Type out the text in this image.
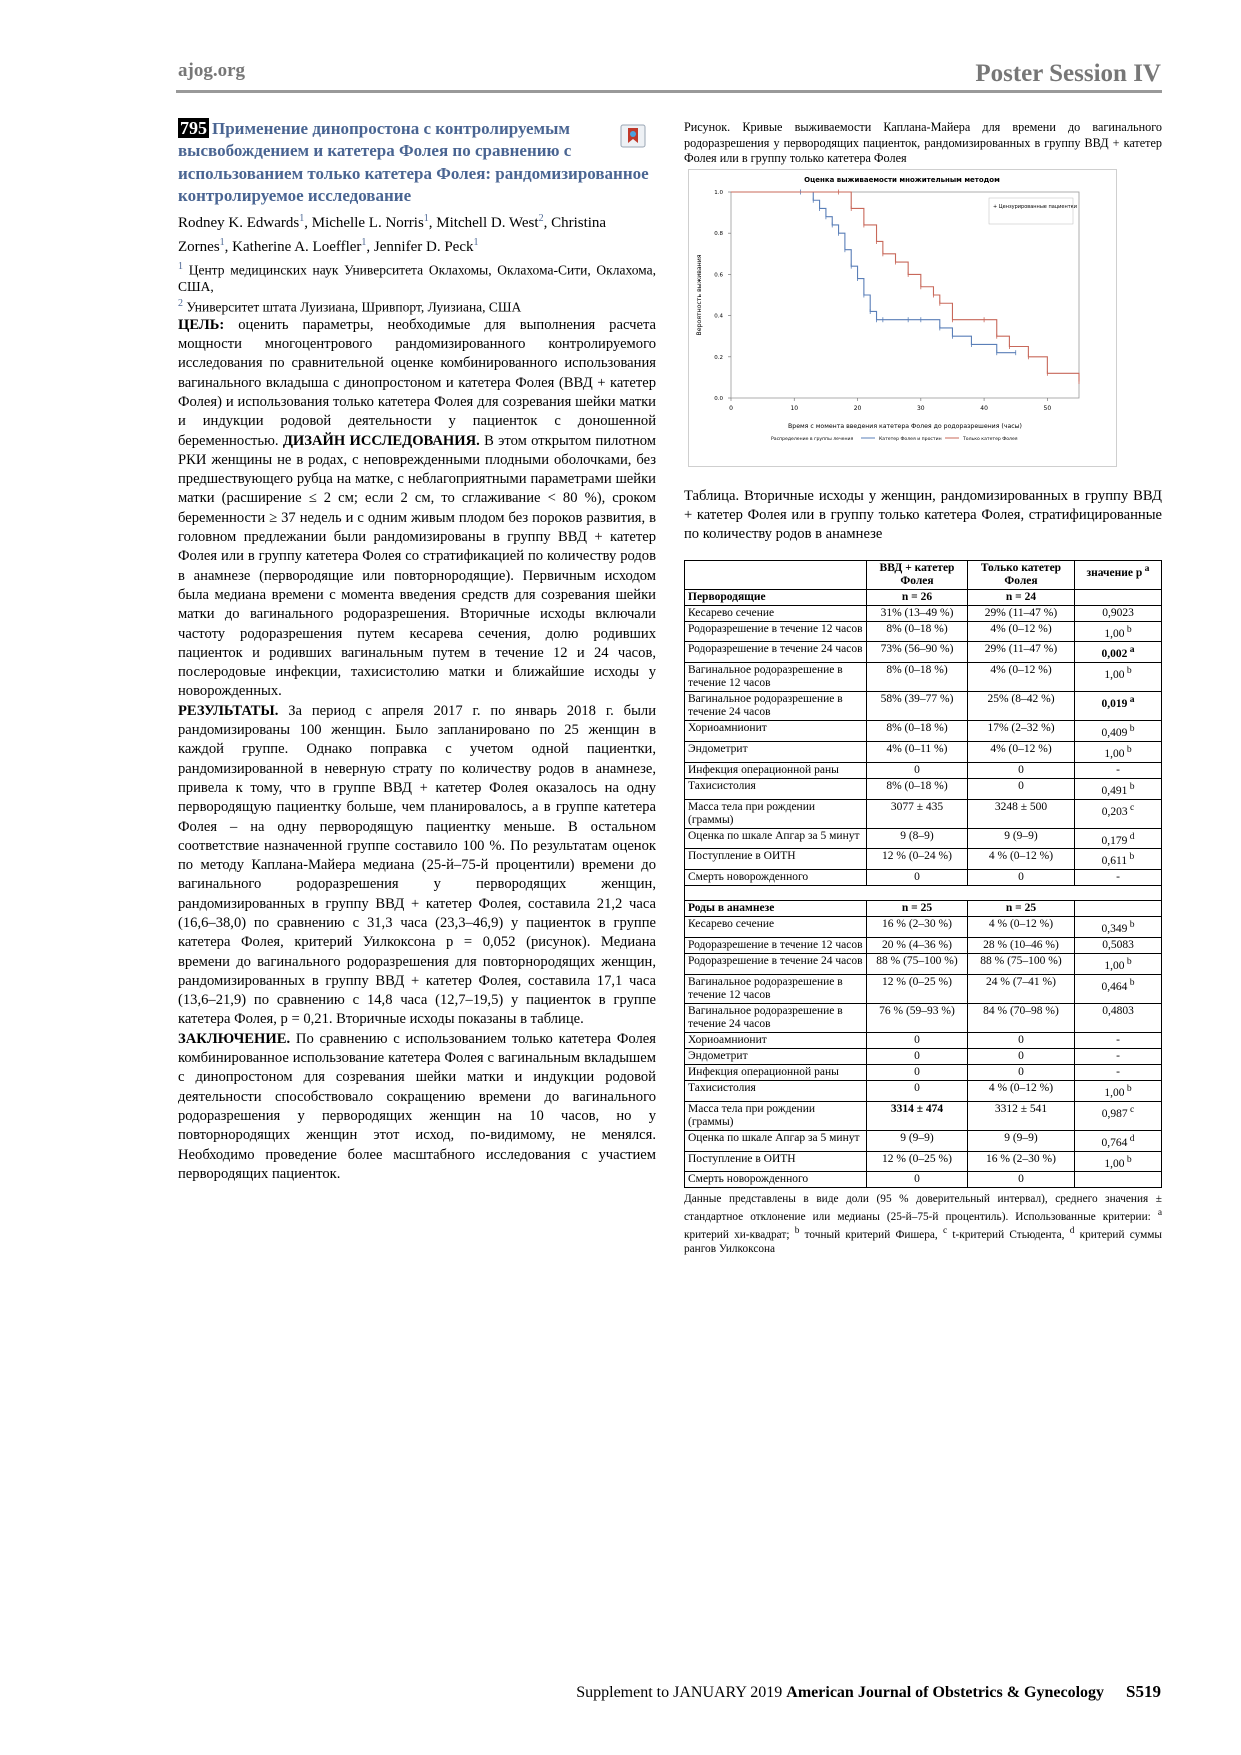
ajog.org	Poster Session IV
795 Применение динопростона с контролируемым высвобождением и катетера Фолея по сравнению с использованием только катетера Фолея: рандомизированное контролируемое исследование
Rodney K. Edwards$^1$, Michelle L. Norris$^1$, Mitchell D. West$^2$, Christina Zornes$^1$, Katherine A. Loeffler$^1$, Jennifer D. Peck$^1$
$^1$ Центр медицинских наук Университета Оклахомы, Оклахома-Сити, Оклахома, США,
$^2$ Университет штата Луизиана, Шривпорт, Луизиана, США

ЦЕЛЬ: оценить параметры, необходимые для выполнения расчета мощности многоцентрового рандомизированного контролируемого исследования по сравнительной оценке комбинированного использования вагинального вкладыша с динопростоном и катетера Фолея (ВВД + катетер Фолея) и использования только катетера Фолея для созревания шейки матки и индукции родовой деятельности у пациенток с доношенной беременностью. ДИЗАЙН ИССЛЕДОВАНИЯ. В этом открытом пилотном РКИ женщины не в родах, с неповрежденными плодными оболочками, без предшествующего рубца на матке, с неблагоприятными параметрами шейки матки (расширение ≤ 2 см; если 2 см, то сглаживание < 80 %), сроком беременности ≥ 37 недель и с одним живым плодом без пороков развития, в головном предлежании были рандомизированы в группу ВВД + катетер Фолея или в группу катетера Фолея со стратификацией по количеству родов в анамнезе (первородящие или повторнородящие). Первичным исходом была медиана времени с момента введения средств для созревания шейки матки до вагинального родоразрешения. Вторичные исходы включали частоту родоразрешения путем кесарева сечения, долю родивших пациенток и родивших вагинальным путем в течение 12 и 24 часов, послеродовые инфекции, тахисистолию матки и ближайшие исходы у новорожденных.

РЕЗУЛЬТАТЫ. За период с апреля 2017 г. по январь 2018 г. были рандомизированы 100 женщин. Было запланировано по 25 женщин в каждой группе. Однако поправка с учетом одной пациентки, рандомизированной в неверную страту по количеству родов в анамнезе, привела к тому, что в группе ВВД + катетер Фолея оказалось на одну первородящую пациентку больше, чем планировалось, а в группе катетера Фолея – на одну первородящую пациентку меньше. В остальном соответствие назначенной группе составило 100 %. По результатам оценок по методу Каплана-Майера медиана (25-й–75-й процентили) времени до вагинального родоразрешения у первородящих женщин, рандомизированных в группу ВВД + катетер Фолея, составила 21,2 часа (16,6–38,0) по сравнению с 31,3 часа (23,3–46,9) у пациенток в группе катетера Фолея, критерий Уилкоксона p = 0,052 (рисунок). Медиана времени до вагинального родоразрешения для повторнородящих женщин, рандомизированных в группу ВВД + катетер Фолея, составила 17,1 часа (13,6–21,9) по сравнению с 14,8 часа (12,7–19,5) у пациенток в группе катетера Фолея, p = 0,21. Вторичные исходы показаны в таблице.

ЗАКЛЮЧЕНИЕ. По сравнению с использованием только катетера Фолея комбинированное использование катетера Фолея с вагинальным вкладышем с динопростоном для созревания шейки матки и индукции родовой деятельности способствовало сокращению времени до вагинального родоразрешения у первородящих женщин на 10 часов, но у повторнородящих женщин этот исход, по-видимому, не менялся. Необходимо проведение более масштабного исследования с участием первородящих пациенток.

Рисунок. Кривые выживаемости Каплана-Майера для времени до вагинального родоразрешения у первородящих пациенток, рандомизированных в группу ВВД + катетер Фолея или в группу только катетера Фолея

Оценка выживаемости множительным методом
0.0
0.2
0.4
0.6
0.8
1.0
0	10	20	30	40	50
Время с момента введения катетера Фолея до родоразрешения (часы)
Вероятность выживания
+ Цензурированные пациентки
Распределение в группы лечения	Катетер Фолея и простин	Только катетер Фолея

Таблица. Вторичные исходы у женщин, рандомизированных в группу ВВД + катетер Фолея или в группу только катетера Фолея, стратифицированные по количеству родов в анамнезе

	ВВД + катетер Фолея	Только катетер Фолея	значение p $^a$
Первородящие	n = 26	n = 24	
Кесарево сечение	31% (13–49 %)	29% (11–47 %)	0,9023
Родоразрешение в течение 12 часов	8% (0–18 %)	4% (0–12 %)	1,00 $^b$
Родоразрешение в течение 24 часов	73% (56–90 %)	29% (11–47 %)	0,002 $^a$
Вагинальное родоразрешение в течение 12 часов	8% (0–18 %)	4% (0–12 %)	1,00 $^b$
Вагинальное родоразрешение в течение 24 часов	58% (39–77 %)	25% (8–42 %)	0,019 $^a$
Хориоамнионит	8% (0–18 %)	17% (2–32 %)	0,409 $^b$
Эндометрит	4% (0–11 %)	4% (0–12 %)	1,00 $^b$
Инфекция операционной раны	0	0	-
Тахисистолия	8% (0–18 %)	0	0,491 $^b$
Масса тела при рождении (граммы)	3077 ± 435	3248 ± 500	0,203 $^c$
Оценка по шкале Апгар за 5 минут	9 (8–9)	9 (9–9)	0,179 $^d$
Поступление в ОИТН	12 % (0–24 %)	4 % (0–12 %)	0,611 $^b$
Смерть новорожденного	0	0	-

Роды в анамнезе	n = 25	n = 25	
Кесарево сечение	16 % (2–30 %)	4 % (0–12 %)	0,349 $^b$
Родоразрешение в течение 12 часов	20 % (4–36 %)	28 % (10–46 %)	0,5083
Родоразрешение в течение 24 часов	88 % (75–100 %)	88 % (75–100 %)	1,00 $^b$
Вагинальное родоразрешение в течение 12 часов	12 % (0–25 %)	24 % (7–41 %)	0,464 $^b$
Вагинальное родоразрешение в течение 24 часов	76 % (59–93 %)	84 % (70–98 %)	0,4803
Хориоамнионит	0	0	-
Эндометрит	0	0	-
Инфекция операционной раны	0	0	-
Тахисистолия	0	4 % (0–12 %)	1,00 $^b$
Масса тела при рождении (граммы)	3314 ± 474	3312 ± 541	0,987 $^c$
Оценка по шкале Апгар за 5 минут	9 (9–9)	9 (9–9)	0,764 $^d$
Поступление в ОИТН	12 % (0–25 %)	16 % (2–30 %)	1,00 $^b$
Смерть новорожденного	0	0	
Данные представлены в виде доли (95 % доверительный интервал), среднего значения ± стандартное отклонение или медианы (25-й–75-й процентиль). Использованные критерии: $^a$ критерий хи-квадрат; $^b$ точный критерий Фишера, $^c$ t-критерий Стьюдента, $^d$ критерий суммы рангов Уилкоксона
Supplement to JANUARY 2019 American Journal of Obstetrics & Gynecology S519
